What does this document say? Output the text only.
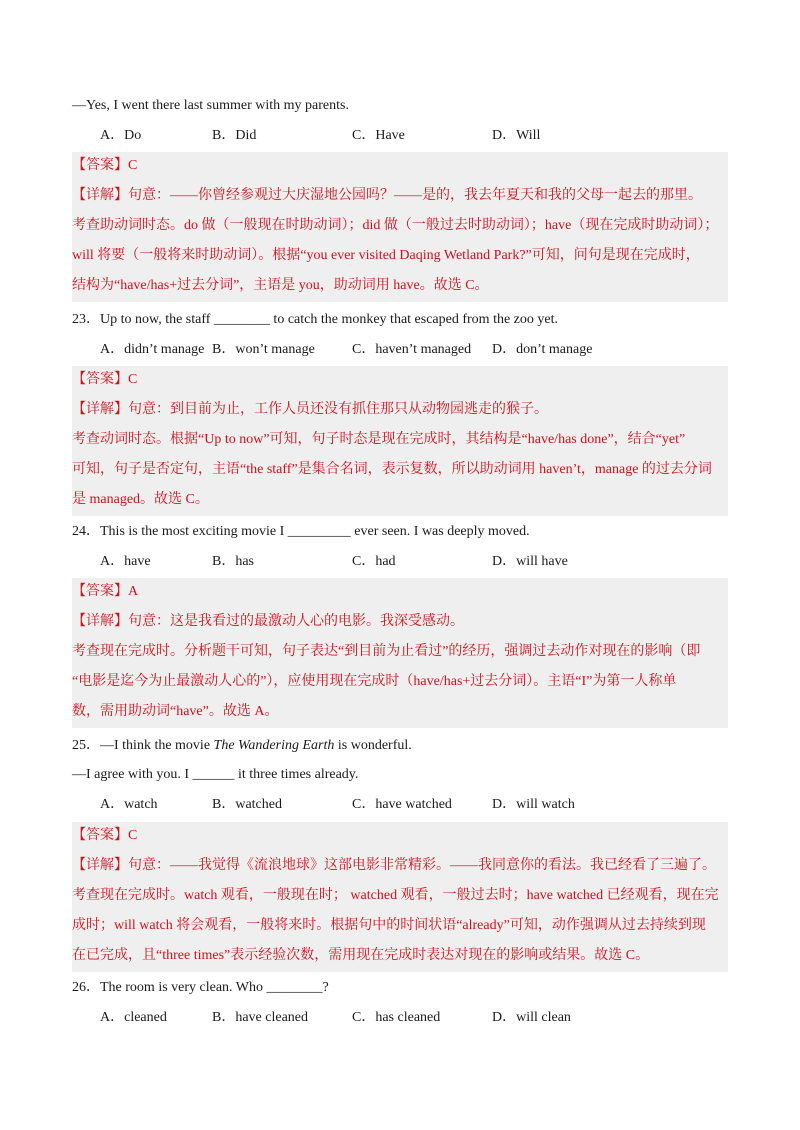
—Yes, I went there last summer with my parents.
A．Do	B．Did	C．Have	D．Will
【答案】C
【详解】句意：——你曾经参观过大庆湿地公园吗？——是的，我去年夏天和我的父母一起去的那里。
考查助动词时态。do 做（一般现在时助动词）；did 做（一般过去时助动词）；have（现在完成时助动词）；
will 将要（一般将来时助动词）。根据“you ever visited Daqing Wetland Park?”可知，问句是现在完成时，
结构为“have/has+过去分词”，主语是 you，助动词用 have。故选 C。
23．Up to now, the staff ________ to catch the monkey that escaped from the zoo yet.
A．didn’t manage B．won’t manage	C．haven’t managed D．don’t manage
【答案】C
【详解】句意：到目前为止，工作人员还没有抓住那只从动物园逃走的猴子。
考查动词时态。根据“Up to now”可知，句子时态是现在完成时，其结构是“have/has done”，结合“yet”
可知，句子是否定句，主语“the staff”是集合名词，表示复数，所以助动词用 haven’t，manage 的过去分词
是 managed。故选 C。
24．This is the most exciting movie I _________ ever seen. I was deeply moved.
A．have	B．has	C．had	D．will have
【答案】A
【详解】句意：这是我看过的最激动人心的电影。我深受感动。
考查现在完成时。分析题干可知，句子表达“到目前为止看过”的经历，强调过去动作对现在的影响（即
“电影是迄今为止最激动人心的”），应使用现在完成时（have/has+过去分词）。主语“I”为第一人称单
数，需用助动词“have”。故选 A。
25．—I think the movie The Wandering Earth is wonderful.
—I agree with you. I ______ it three times already.
A．watch	B．watched	C．have watched	D．will watch
【答案】C
【详解】句意：——我觉得《流浪地球》这部电影非常精彩。——我同意你的看法。我已经看了三遍了。
考查现在完成时。watch 观看，一般现在时； watched 观看，一般过去时；have watched 已经观看，现在完
成时；will watch 将会观看，一般将来时。根据句中的时间状语“already”可知，动作强调从过去持续到现
在已完成，且“three times”表示经验次数，需用现在完成时表达对现在的影响或结果。故选 C。
26．The room is very clean. Who ________?
A．cleaned	B．have cleaned	C．has cleaned	D．will clean
